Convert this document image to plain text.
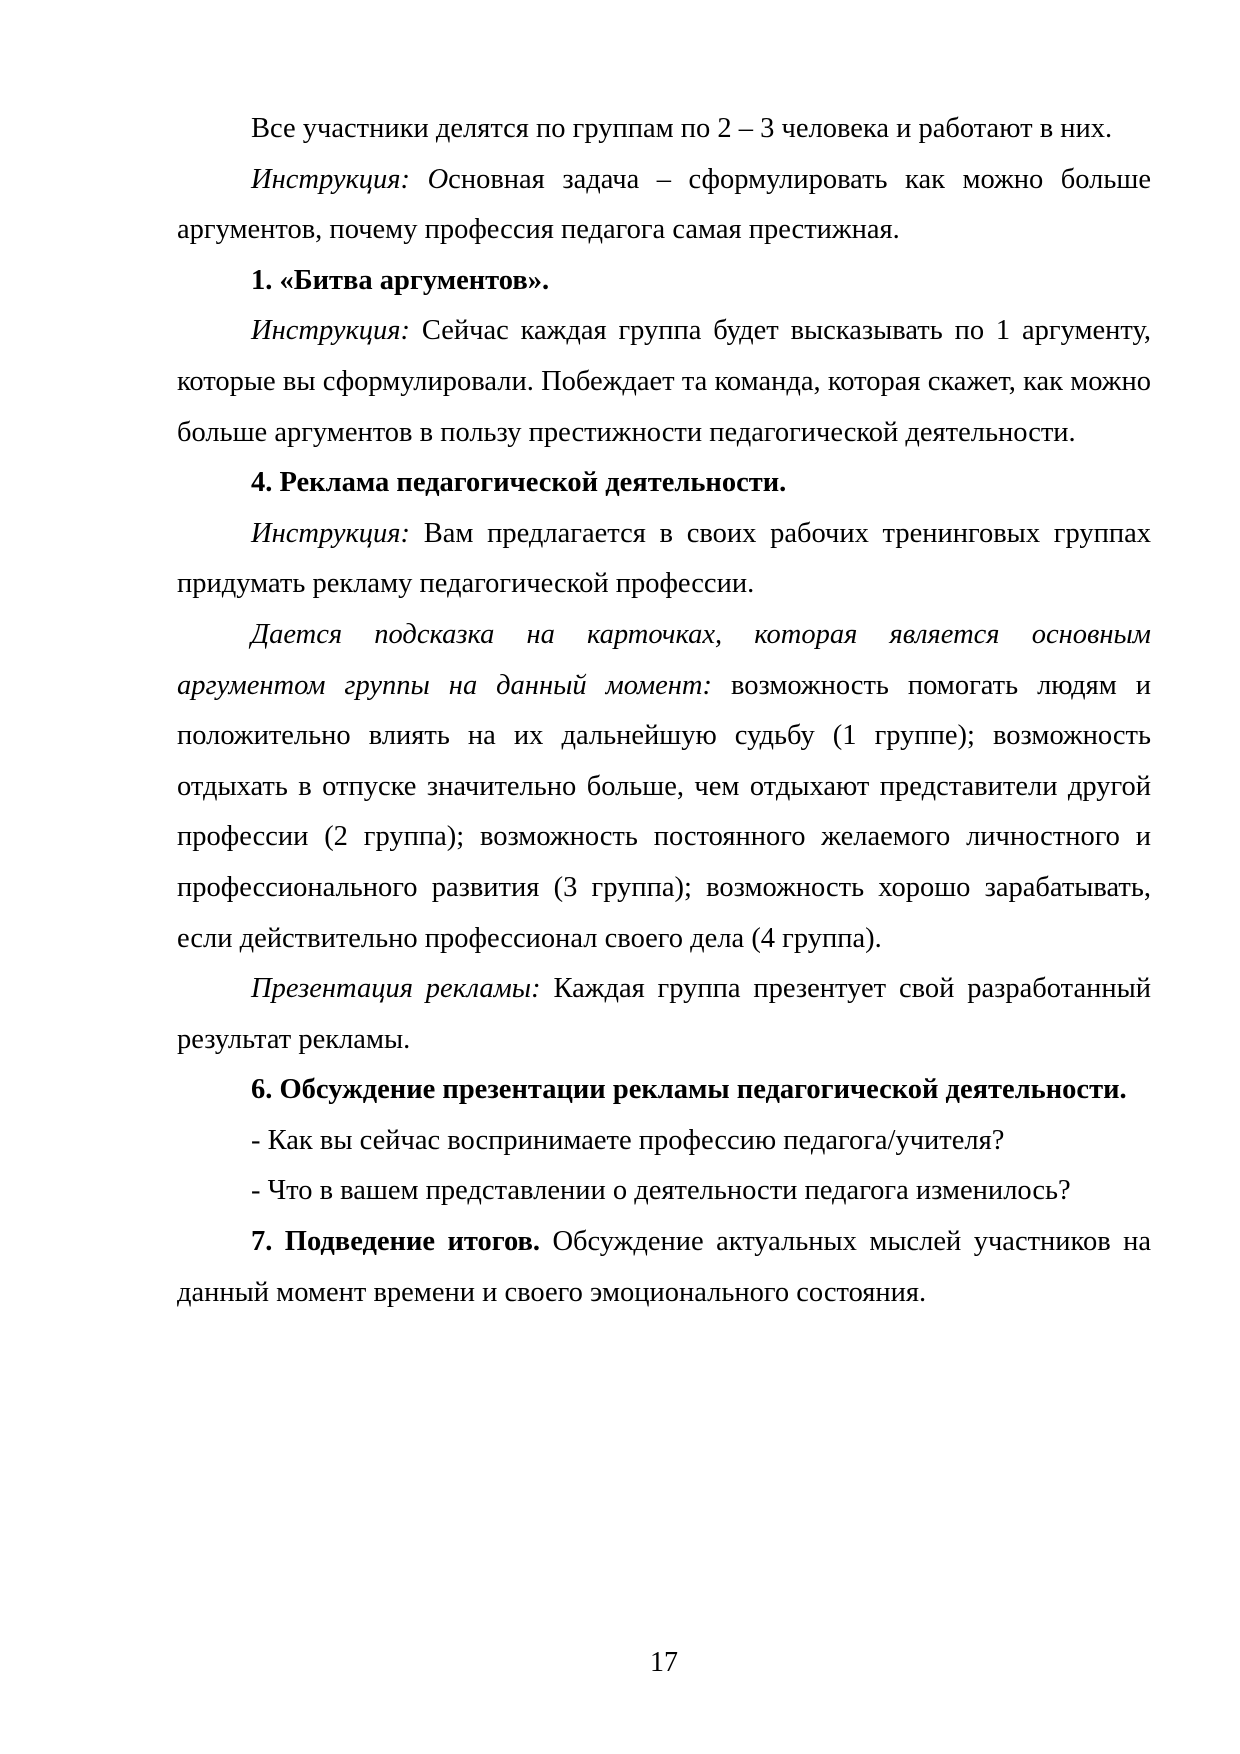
Все участники делятся по группам по 2 – 3 человека и работают в них.

Инструкция: Основная задача – сформулировать как можно больше аргументов, почему профессия педагога самая престижная.

1. «Битва аргументов».

Инструкция: Сейчас каждая группа будет высказывать по 1 аргументу, которые вы сформулировали. Побеждает та команда, которая скажет, как можно больше аргументов в пользу престижности педагогической деятельности.

4. Реклама педагогической деятельности.

Инструкция: Вам предлагается в своих рабочих тренинговых группах придумать рекламу педагогической профессии.

Дается подсказка на карточках, которая является основным аргументом группы на данный момент: возможность помогать людям и положительно влиять на их дальнейшую судьбу (1 группе); возможность отдыхать в отпуске значительно больше, чем отдыхают представители другой профессии (2 группа); возможность постоянного желаемого личностного и профессионального развития (3 группа); возможность хорошо зарабатывать, если действительно профессионал своего дела (4 группа).

Презентация рекламы: Каждая группа презентует свой разработанный результат рекламы.

6. Обсуждение презентации рекламы педагогической деятельности.

- Как вы сейчас воспринимаете профессию педагога/учителя?

- Что в вашем представлении о деятельности педагога изменилось?

7. Подведение итогов. Обсуждение актуальных мыслей участников на данный момент времени и своего эмоционального состояния.

17
